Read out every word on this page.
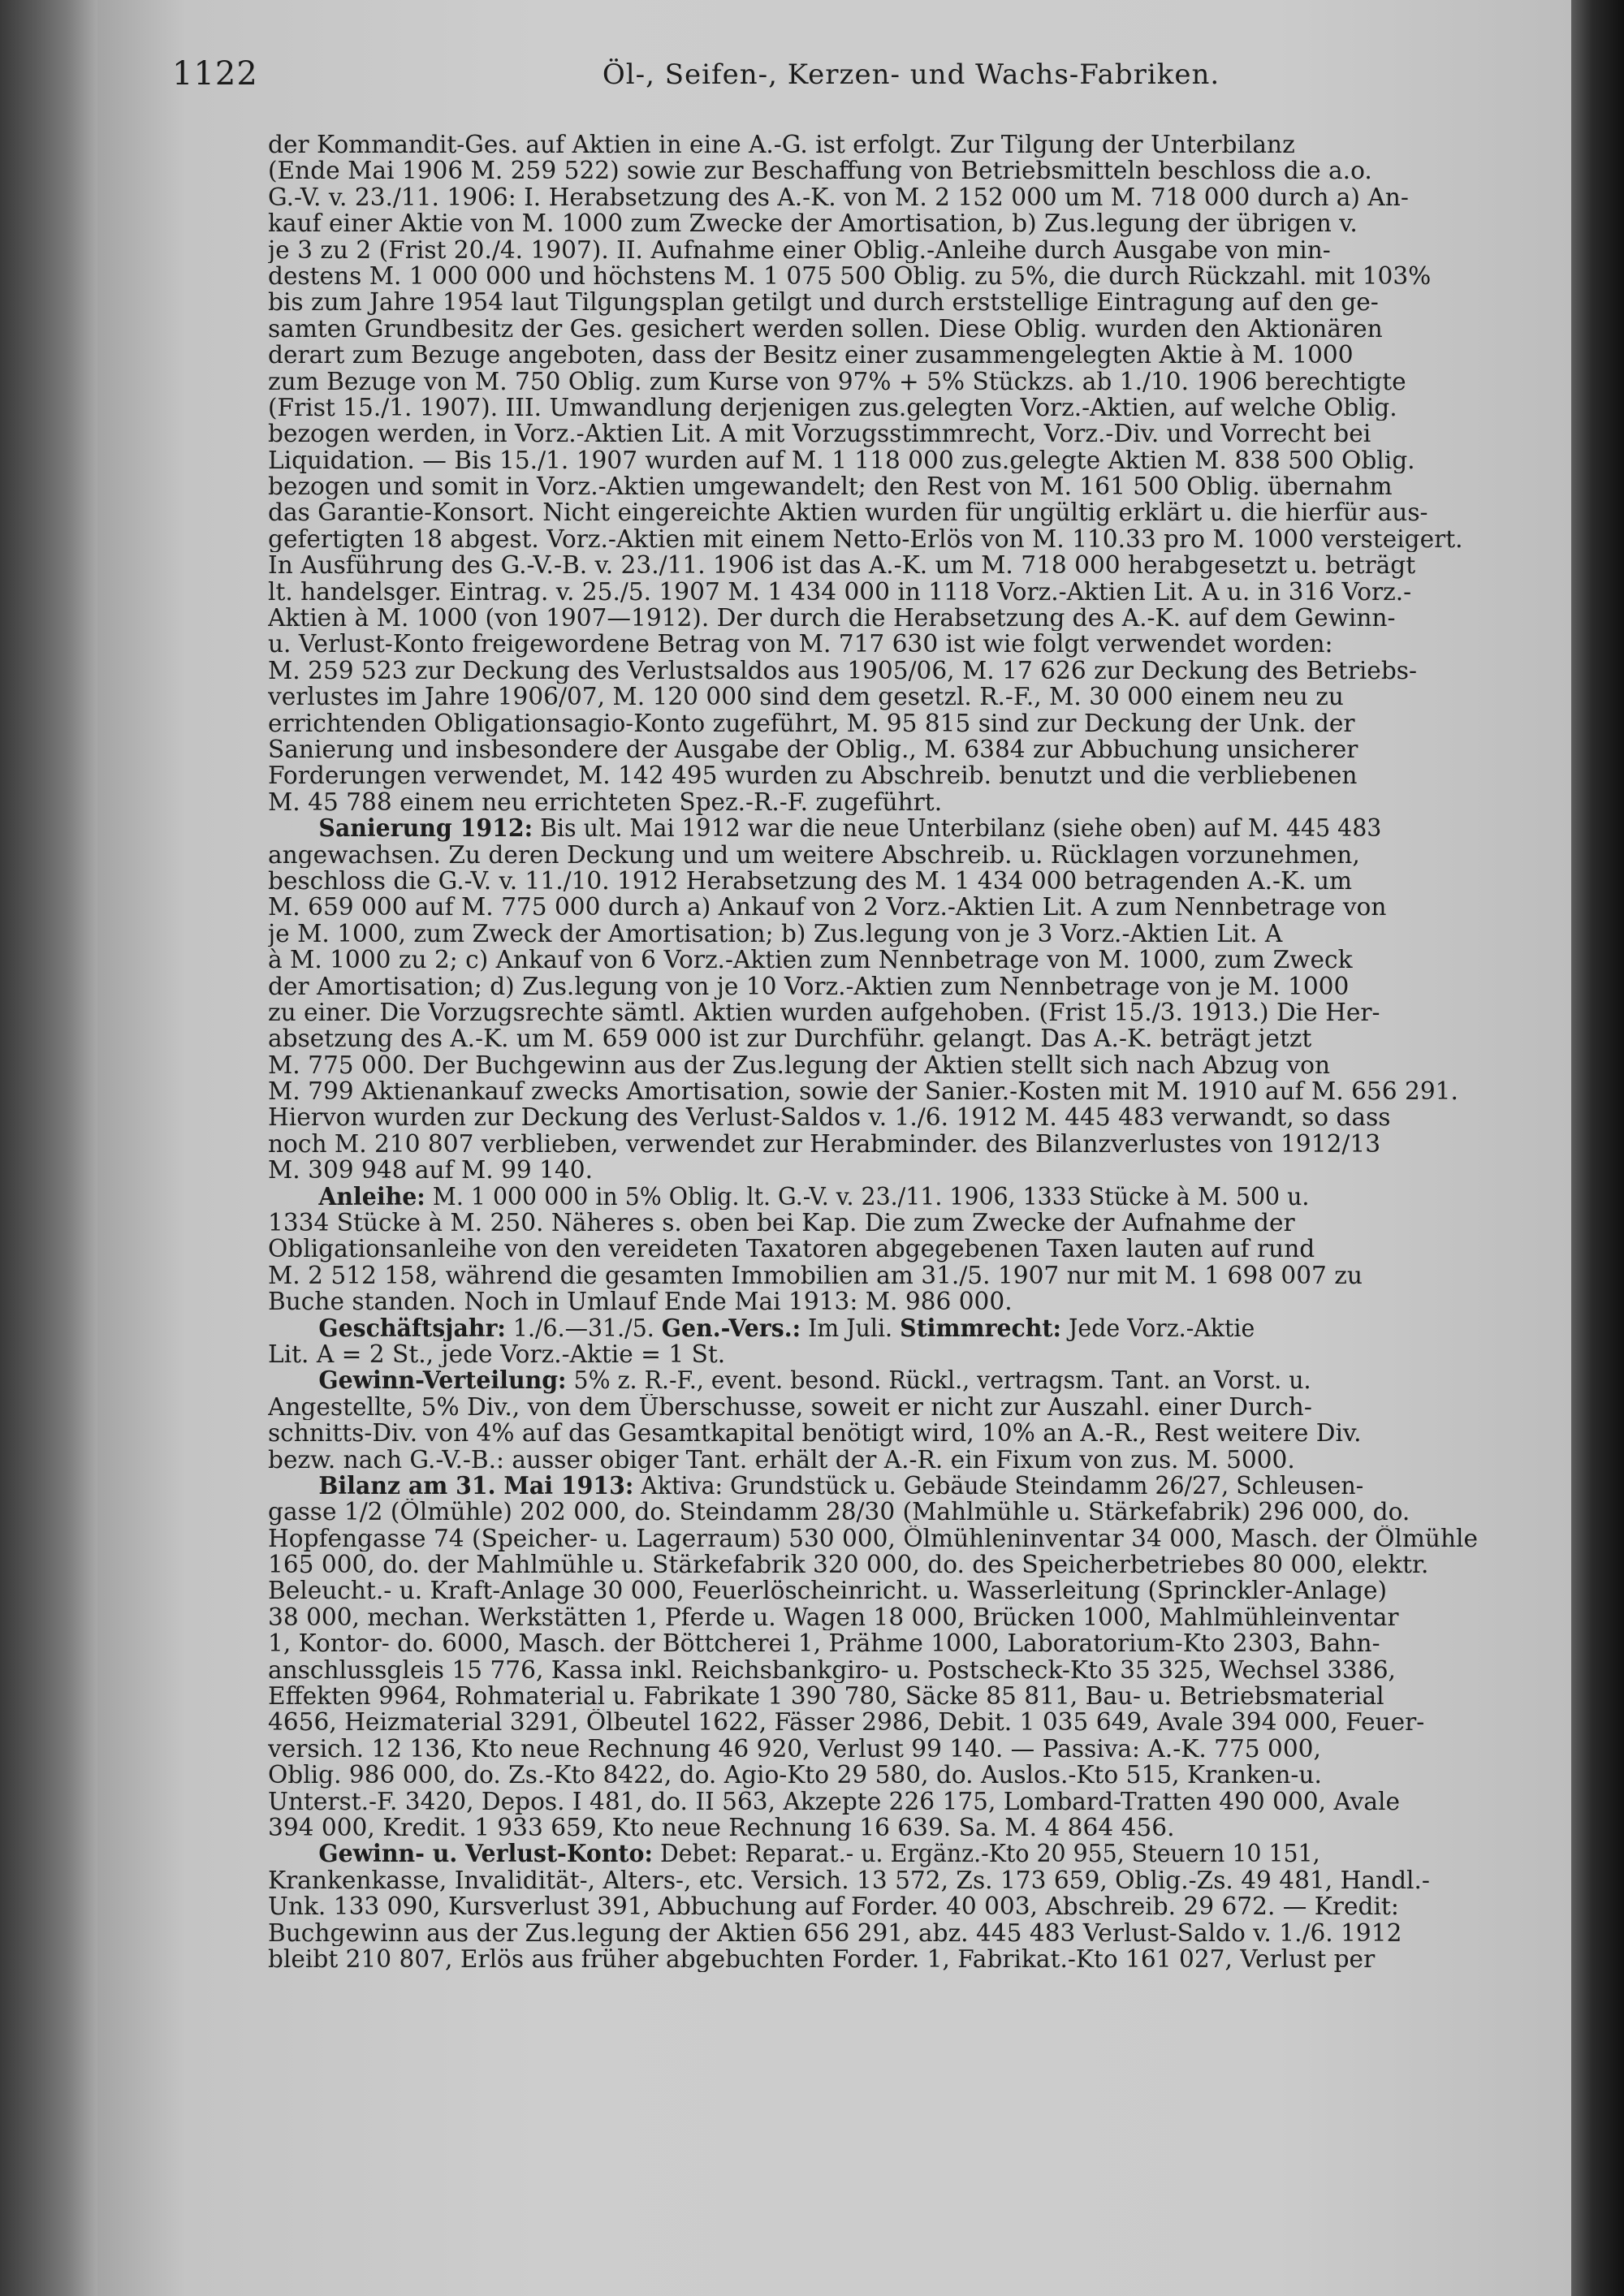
1122	Öl-, Seifen-, Kerzen- und Wachs-Fabriken.
der Kommandit-Ges. auf Aktien in eine A.-G. ist erfolgt. Zur Tilgung der Unterbilanz
(Ende Mai 1906 M. 259 522) sowie zur Beschaffung von Betriebsmitteln beschloss die a.o.
G.-V. v. 23./11. 1906: I. Herabsetzung des A.-K. von M. 2 152 000 um M. 718 000 durch a) An-
kauf einer Aktie von M. 1000 zum Zwecke der Amortisation, b) Zus.legung der übrigen v.
je 3 zu 2 (Frist 20./4. 1907). II. Aufnahme einer Oblig.-Anleihe durch Ausgabe von min-
destens M. 1 000 000 und höchstens M. 1 075 500 Oblig. zu 5%, die durch Rückzahl. mit 103%
bis zum Jahre 1954 laut Tilgungsplan getilgt und durch erststellige Eintragung auf den ge-
samten Grundbesitz der Ges. gesichert werden sollen. Diese Oblig. wurden den Aktionären
derart zum Bezuge angeboten, dass der Besitz einer zusammengelegten Aktie à M. 1000
zum Bezuge von M. 750 Oblig. zum Kurse von 97% + 5% Stückzs. ab 1./10. 1906 berechtigte
(Frist 15./1. 1907). III. Umwandlung derjenigen zus.gelegten Vorz.-Aktien, auf welche Oblig.
bezogen werden, in Vorz.-Aktien Lit. A mit Vorzugsstimmrecht, Vorz.-Div. und Vorrecht bei
Liquidation. — Bis 15./1. 1907 wurden auf M. 1 118 000 zus.gelegte Aktien M. 838 500 Oblig.
bezogen und somit in Vorz.-Aktien umgewandelt; den Rest von M. 161 500 Oblig. übernahm
das Garantie-Konsort. Nicht eingereichte Aktien wurden für ungültig erklärt u. die hierfür aus-
gefertigten 18 abgest. Vorz.-Aktien mit einem Netto-Erlös von M. 110.33 pro M. 1000 versteigert.
In Ausführung des G.-V.-B. v. 23./11. 1906 ist das A.-K. um M. 718 000 herabgesetzt u. beträgt
lt. handelsger. Eintrag. v. 25./5. 1907 M. 1 434 000 in 1118 Vorz.-Aktien Lit. A u. in 316 Vorz.-
Aktien à M. 1000 (von 1907—1912). Der durch die Herabsetzung des A.-K. auf dem Gewinn-
u. Verlust-Konto freigewordene Betrag von M. 717 630 ist wie folgt verwendet worden:
M. 259 523 zur Deckung des Verlustsaldos aus 1905/06, M. 17 626 zur Deckung des Betriebs-
verlustes im Jahre 1906/07, M. 120 000 sind dem gesetzl. R.-F., M. 30 000 einem neu zu
errichtenden Obligationsagio-Konto zugeführt, M. 95 815 sind zur Deckung der Unk. der
Sanierung und insbesondere der Ausgabe der Oblig., M. 6384 zur Abbuchung unsicherer
Forderungen verwendet, M. 142 495 wurden zu Abschreib. benutzt und die verbliebenen
M. 45 788 einem neu errichteten Spez.-R.-F. zugeführt.
Sanierung 1912: Bis ult. Mai 1912 war die neue Unterbilanz (siehe oben) auf M. 445 483
angewachsen. Zu deren Deckung und um weitere Abschreib. u. Rücklagen vorzunehmen,
beschloss die G.-V. v. 11./10. 1912 Herabsetzung des M. 1 434 000 betragenden A.-K. um
M. 659 000 auf M. 775 000 durch a) Ankauf von 2 Vorz.-Aktien Lit. A zum Nennbetrage von
je M. 1000, zum Zweck der Amortisation; b) Zus.legung von je 3 Vorz.-Aktien Lit. A
à M. 1000 zu 2; c) Ankauf von 6 Vorz.-Aktien zum Nennbetrage von M. 1000, zum Zweck
der Amortisation; d) Zus.legung von je 10 Vorz.-Aktien zum Nennbetrage von je M. 1000
zu einer. Die Vorzugsrechte sämtl. Aktien wurden aufgehoben. (Frist 15./3. 1913.) Die Her-
absetzung des A.-K. um M. 659 000 ist zur Durchführ. gelangt. Das A.-K. beträgt jetzt
M. 775 000. Der Buchgewinn aus der Zus.legung der Aktien stellt sich nach Abzug von
M. 799 Aktienankauf zwecks Amortisation, sowie der Sanier.-Kosten mit M. 1910 auf M. 656 291.
Hiervon wurden zur Deckung des Verlust-Saldos v. 1./6. 1912 M. 445 483 verwandt, so dass
noch M. 210 807 verblieben, verwendet zur Herabminder. des Bilanzverlustes von 1912/13
M. 309 948 auf M. 99 140.
Anleihe: M. 1 000 000 in 5% Oblig. lt. G.-V. v. 23./11. 1906, 1333 Stücke à M. 500 u.
1334 Stücke à M. 250. Näheres s. oben bei Kap. Die zum Zwecke der Aufnahme der
Obligationsanleihe von den vereideten Taxatoren abgegebenen Taxen lauten auf rund
M. 2 512 158, während die gesamten Immobilien am 31./5. 1907 nur mit M. 1 698 007 zu
Buche standen. Noch in Umlauf Ende Mai 1913: M. 986 000.
Geschäftsjahr: 1./6.—31./5. Gen.-Vers.: Im Juli. Stimmrecht: Jede Vorz.-Aktie
Lit. A = 2 St., jede Vorz.-Aktie = 1 St.
Gewinn-Verteilung: 5% z. R.-F., event. besond. Rückl., vertragsm. Tant. an Vorst. u.
Angestellte, 5% Div., von dem Überschusse, soweit er nicht zur Auszahl. einer Durch-
schnitts-Div. von 4% auf das Gesamtkapital benötigt wird, 10% an A.-R., Rest weitere Div.
bezw. nach G.-V.-B.: ausser obiger Tant. erhält der A.-R. ein Fixum von zus. M. 5000.
Bilanz am 31. Mai 1913: Aktiva: Grundstück u. Gebäude Steindamm 26/27, Schleusen-
gasse 1/2 (Ölmühle) 202 000, do. Steindamm 28/30 (Mahlmühle u. Stärkefabrik) 296 000, do.
Hopfengasse 74 (Speicher- u. Lagerraum) 530 000, Ölmühleninventar 34 000, Masch. der Ölmühle
165 000, do. der Mahlmühle u. Stärkefabrik 320 000, do. des Speicherbetriebes 80 000, elektr.
Beleucht.- u. Kraft-Anlage 30 000, Feuerlöscheinricht. u. Wasserleitung (Sprinckler-Anlage)
38 000, mechan. Werkstätten 1, Pferde u. Wagen 18 000, Brücken 1000, Mahlmühleinventar
1, Kontor- do. 6000, Masch. der Böttcherei 1, Prähme 1000, Laboratorium-Kto 2303, Bahn-
anschlussgleis 15 776, Kassa inkl. Reichsbankgiro- u. Postscheck-Kto 35 325, Wechsel 3386,
Effekten 9964, Rohmaterial u. Fabrikate 1 390 780, Säcke 85 811, Bau- u. Betriebsmaterial
4656, Heizmaterial 3291, Ölbeutel 1622, Fässer 2986, Debit. 1 035 649, Avale 394 000, Feuer-
versich. 12 136, Kto neue Rechnung 46 920, Verlust 99 140. — Passiva: A.-K. 775 000,
Oblig. 986 000, do. Zs.-Kto 8422, do. Agio-Kto 29 580, do. Auslos.-Kto 515, Kranken-u.
Unterst.-F. 3420, Depos. I 481, do. II 563, Akzepte 226 175, Lombard-Tratten 490 000, Avale
394 000, Kredit. 1 933 659, Kto neue Rechnung 16 639. Sa. M. 4 864 456.
Gewinn- u. Verlust-Konto: Debet: Reparat.- u. Ergänz.-Kto 20 955, Steuern 10 151,
Krankenkasse, Invalidität-, Alters-, etc. Versich. 13 572, Zs. 173 659, Oblig.-Zs. 49 481, Handl.-
Unk. 133 090, Kursverlust 391, Abbuchung auf Forder. 40 003, Abschreib. 29 672. — Kredit:
Buchgewinn aus der Zus.legung der Aktien 656 291, abz. 445 483 Verlust-Saldo v. 1./6. 1912
bleibt 210 807, Erlös aus früher abgebuchten Forder. 1, Fabrikat.-Kto 161 027, Verlust per
